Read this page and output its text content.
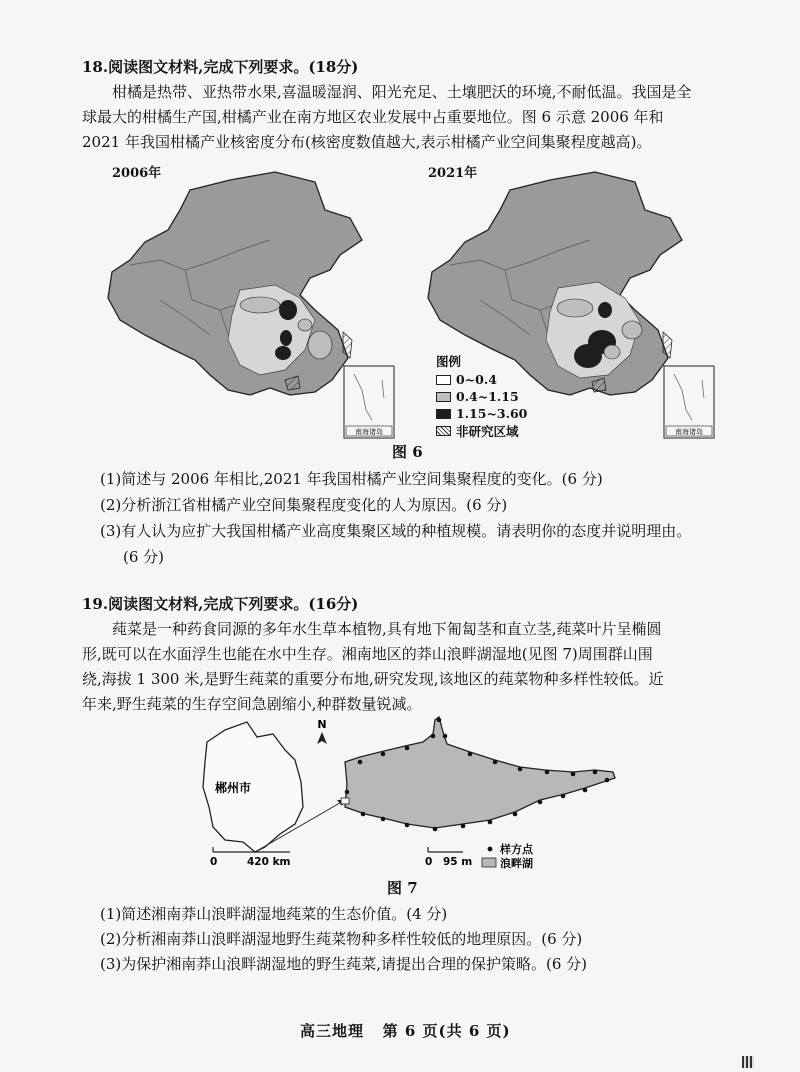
18.阅读图文材料,完成下列要求。(18分)
柑橘是热带、亚热带水果,喜温暖湿润、阳光充足、土壤肥沃的环境,不耐低温。我国是全
球最大的柑橘生产国,柑橘产业在南方地区农业发展中占重要地位。图 6 示意 2006 年和
2021 年我国柑橘产业核密度分布(核密度数值越大,表示柑橘产业空间集聚程度越高)。
2006年	2021年
南海诸岛	南海诸岛
图例
0~0.4
0.4~1.15
1.15~3.60
非研究区域
图 6
(1)简述与 2006 年相比,2021 年我国柑橘产业空间集聚程度的变化。(6 分)
(2)分析浙江省柑橘产业空间集聚程度变化的人为原因。(6 分)
(3)有人认为应扩大我国柑橘产业高度集聚区域的种植规模。请表明你的态度并说明理由。
(6 分)
19.阅读图文材料,完成下列要求。(16分)
莼菜是一种药食同源的多年水生草本植物,具有地下匍匐茎和直立茎,莼菜叶片呈椭圆
形,既可以在水面浮生也能在水中生存。湘南地区的莽山浪畔湖湿地(见图 7)周围群山围
绕,海拔 1 300 米,是野生莼菜的重要分布地,研究发现,该地区的莼菜物种多样性较低。近
年来,野生莼菜的生存空间急剧缩小,种群数量锐减。
郴州市
N
样方点
浪畔湖
0	420 km	0 95 m
图 7
(1)简述湘南莽山浪畔湖湿地莼菜的生态价值。(4 分)
(2)分析湘南莽山浪畔湖湿地野生莼菜物种多样性较低的地理原因。(6 分)
(3)为保护湘南莽山浪畔湖湿地的野生莼菜,请提出合理的保护策略。(6 分)
高三地理   第 6 页(共 6 页)
